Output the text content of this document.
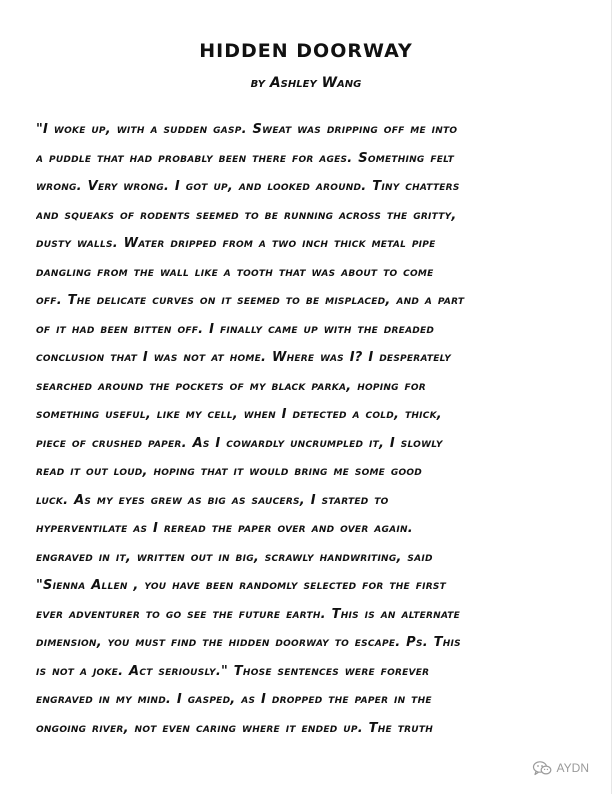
HIDDEN DOORWAY
by Ashley Wang
"I woke up, with a sudden gasp. Sweat was dripping off me into
a puddle that had probably been there for ages. Something felt
wrong. Very wrong. I got up, and looked around. Tiny chatters
and squeaks of rodents seemed to be running across the gritty,
dusty walls. Water dripped from a two inch thick metal pipe
dangling from the wall like a tooth that was about to come
off. The delicate curves on it seemed to be misplaced, and a part
of it had been bitten off. I finally came up with the dreaded
conclusion that I was not at home. Where was I? I desperately
searched around the pockets of my black parka, hoping for
something useful, like my cell, when I detected a cold, thick,
piece of crushed paper. As I cowardly uncrumpled it, I slowly
read it out loud, hoping that it would bring me some good
luck. As my eyes grew as big as saucers, I started to
hyperventilate as I reread the paper over and over again.
engraved in it, written out in big, scrawly handwriting, said
"Sienna Allen , you have been randomly selected for the first
ever adventurer to go see the future earth. This is an alternate
dimension, you must find the hidden doorway to escape. Ps. This
is not a joke. Act seriously." Those sentences were forever
engraved in my mind. I gasped, as I dropped the paper in the
ongoing river, not even caring where it ended up. The truth
AYDN
